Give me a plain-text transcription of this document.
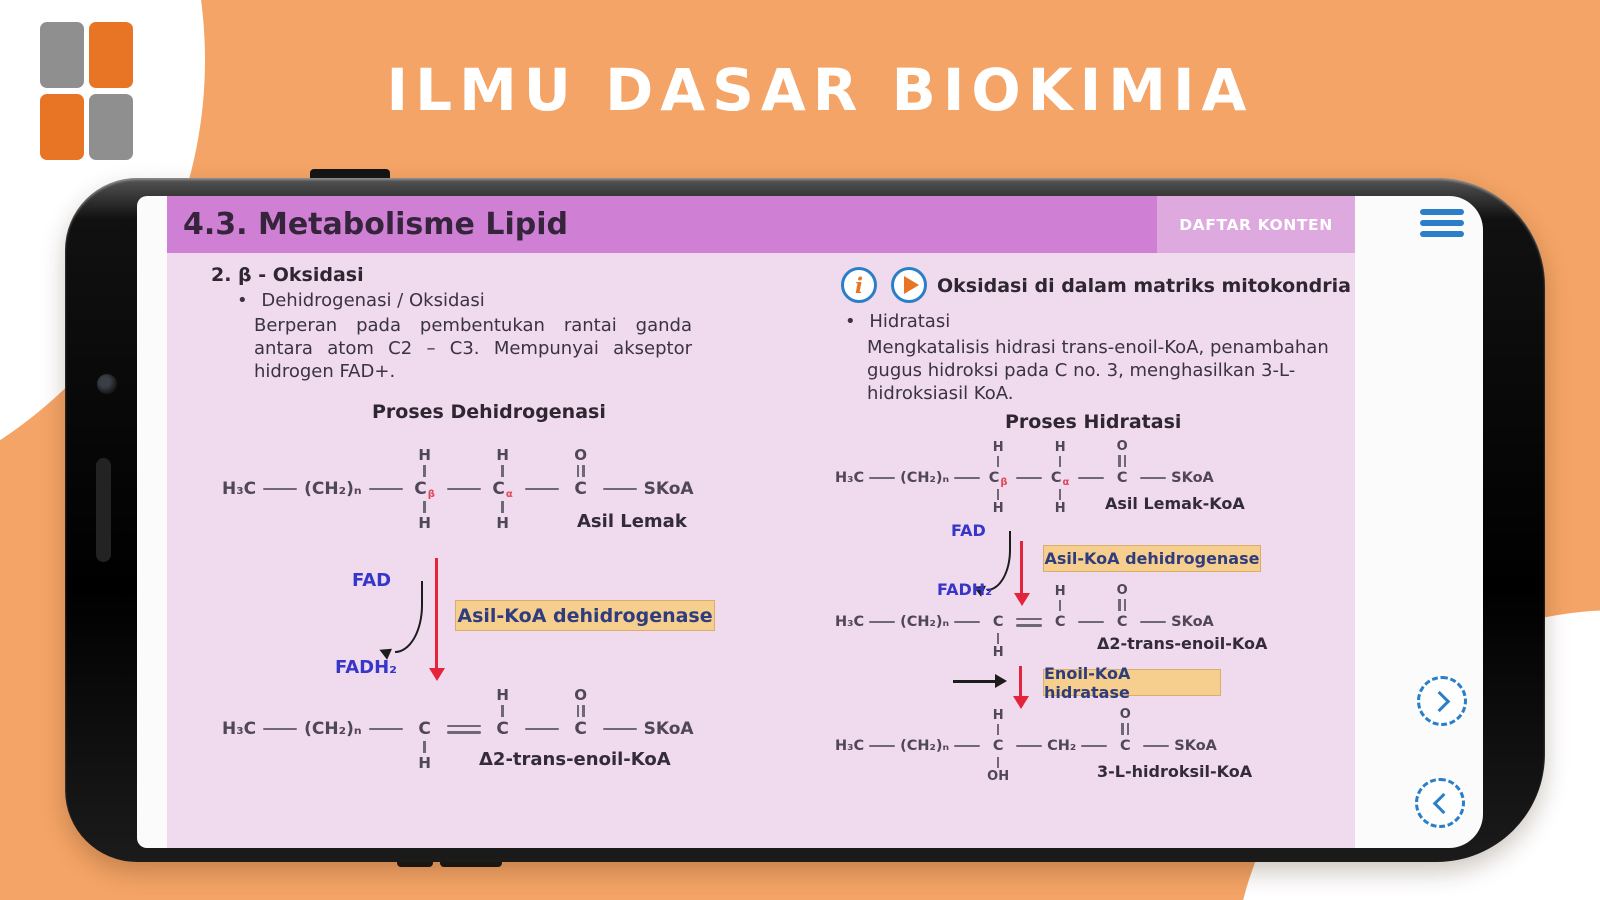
ILMU DASAR BIOKIMIA
4.3. Metabolisme Lipid	DAFTAR KONTEN
2. β - Oksidasi
• Dehidrogenasi / Oksidasi
Berperan pada pembentukan rantai ganda antara atom C2 – C3. Mempunyai akseptor hidrogen FAD+.
Proses Dehidrogenasi
H₃C	(CH₂)ₙ
H
C β
H
H
C α
H
O
C	SKoA
Asil Lemak
FAD
FADH₂
Asil-KoA dehidrogenase
H₃C	(CH₂)ₙ	C
H
H
C
O
C	SKoA
Δ2-trans-enoil-KoA
i	Oksidasi di dalam matriks mitokondria
• Hidratasi
Mengkatalisis hidrasi trans-enoil-KoA, penambahan gugus hidroksi pada C no. 3, menghasilkan 3-L-hidroksiasil KoA.
Proses Hidratasi
H₃C (CH₂)ₙ
H
C β
H
H
C α
H
O
C	SKoA
Asil Lemak-KoA
FAD
FADH₂
Asil-KoA dehidrogenase
H₃C (CH₂)ₙ	C
H
H
C
O
C	SKoA
Δ2-trans-enoil-KoA
Enoil-KoA hidratase
H₃C (CH₂)ₙ
H
C
OH
CH₂
O
C	SKoA
3-L-hidroksil-KoA
